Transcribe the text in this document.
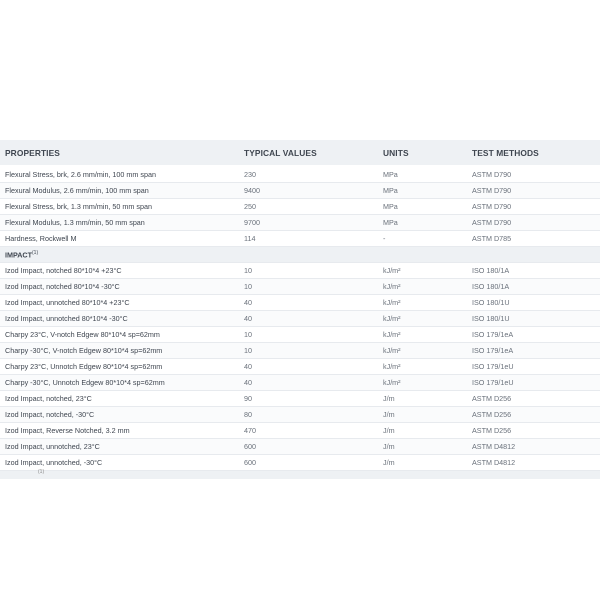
PROPERTIES	TYPICAL VALUES	UNITS	TEST METHODS
Flexural Stress, brk, 2.6 mm/min, 100 mm span	230	MPa	ASTM D790
Flexural Modulus, 2.6 mm/min, 100 mm span	9400	MPa	ASTM D790
Flexural Stress, brk, 1.3 mm/min, 50 mm span	250	MPa	ASTM D790
Flexural Modulus, 1.3 mm/min, 50 mm span	9700	MPa	ASTM D790
Hardness, Rockwell M	114	-	ASTM D785
IMPACT$^{(1)}$
Izod Impact, notched 80*10*4 +23°C	10	kJ/m²	ISO 180/1A
Izod Impact, notched 80*10*4 -30°C	10	kJ/m²	ISO 180/1A
Izod Impact, unnotched 80*10*4 +23°C	40	kJ/m²	ISO 180/1U
Izod Impact, unnotched 80*10*4 -30°C	40	kJ/m²	ISO 180/1U
Charpy 23°C, V-notch Edgew 80*10*4 sp=62mm	10	kJ/m²	ISO 179/1eA
Charpy -30°C, V-notch Edgew 80*10*4 sp=62mm	10	kJ/m²	ISO 179/1eA
Charpy 23°C, Unnotch Edgew 80*10*4 sp=62mm	40	kJ/m²	ISO 179/1eU
Charpy -30°C, Unnotch Edgew 80*10*4 sp=62mm	40	kJ/m²	ISO 179/1eU
Izod Impact, notched, 23°C	90	J/m	ASTM D256
Izod Impact, notched, -30°C	80	J/m	ASTM D256
Izod Impact, Reverse Notched, 3.2 mm	470	J/m	ASTM D256
Izod Impact, unnotched, 23°C	600	J/m	ASTM D4812
Izod Impact, unnotched, -30°C	600	J/m	ASTM D4812
(1)
